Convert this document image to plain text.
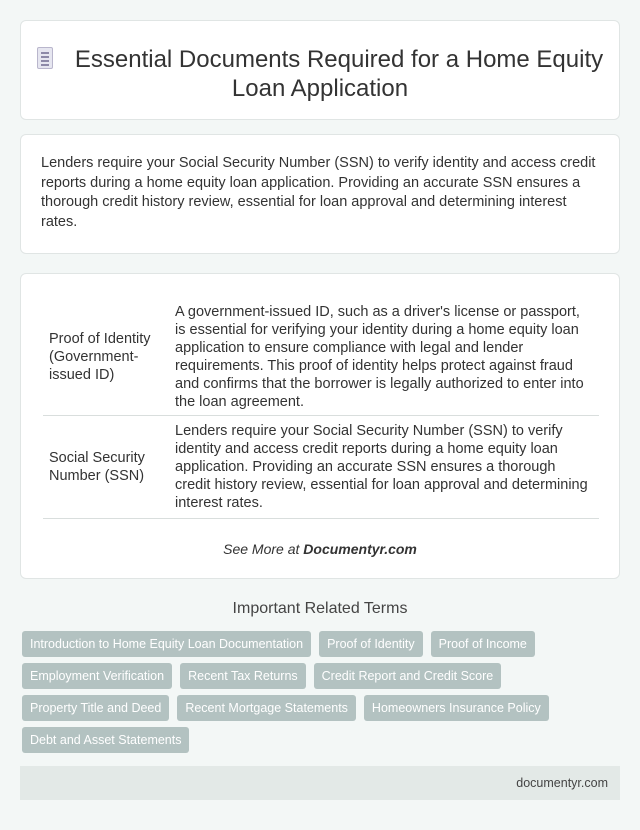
Essential Documents Required for a Home Equity Loan Application

Lenders require your Social Security Number (SSN) to verify identity and access credit reports during a home equity loan application. Providing an accurate SSN ensures a thorough credit history review, essential for loan approval and determining interest rates.

Proof of Identity (Government-issued ID)	A government-issued ID, such as a driver's license or passport, is essential for verifying your identity during a home equity loan application to ensure compliance with legal and lender requirements. This proof of identity helps protect against fraud and confirms that the borrower is legally authorized to enter into the loan agreement.
Social Security Number (SSN)	Lenders require your Social Security Number (SSN) to verify identity and access credit reports during a home equity loan application. Providing an accurate SSN ensures a thorough credit history review, essential for loan approval and determining interest rates.
See More at Documentyr.com
Important Related Terms
Introduction to Home Equity Loan Documentation	Proof of Identity	Proof of Income
Employment Verification	Recent Tax Returns	Credit Report and Credit Score
Property Title and Deed	Recent Mortgage Statements	Homeowners Insurance Policy
Debt and Asset Statements
documentyr.com
